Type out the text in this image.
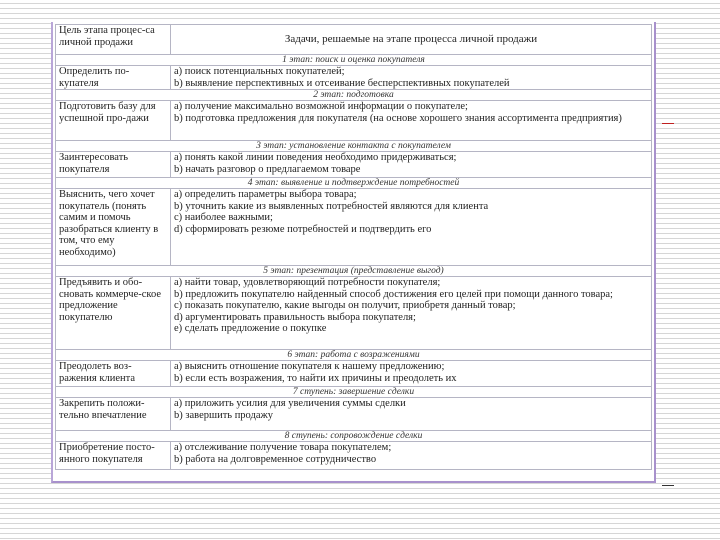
Цель этапа процес-са личной продажи	Задачи, решаемые на этапе процесса личной продажи
1 этап: поиск и оценка покупателя	
Определить по-купателя	a) поиск потенциальных покупателей;
b) выявление перспективных и отсеивание бесперспективных покупателей

2 этап: подготовка	
Подготовить базу для успешной про-дажи	a) получение максимально возможной информации о покупателе;
b) подготовка предложения для покупателя (на основе хорошего знания ассортимента предприятия)

3 этап: установление контакта с покупателем	
Заинтересовать покупателя	a) понять какой линии поведения необходимо придерживаться;
b) начать разговор о предлагаемом товаре

4 этап: выявление и подтверждение потребностей	
Выяснить, чего хочет покупатель (понять самим и помочь разобраться клиенту в том, что ему необходимо)	a) определить параметры выбора товара;
b) уточнить какие из выявленных потребностей являются для клиента
c) наиболее важными;
d) сформировать резюме потребностей и подтвердить его

5 этап: презентация (представление выгод)	
Предъявить и обо-сновать коммерче-ское предложение покупателю	a) найти товар, удовлетворяющий потребности покупателя;
b) предложить покупателю найденный способ достижения его целей при помощи данного товара;
c) показать покупателю, какие выгоды он получит, приобретя данный товар;
d) аргументировать правильность выбора покупателя;
e) сделать предложение о покупке

6 этап: работа с возражениями	
Преодолеть воз-ражения клиента	a) выяснить отношение покупателя к нашему предложению;
b) если есть возражения, то найти их причины и преодолеть их

7 ступень: завершение сделки	
Закрепить положи-тельно впечатление	a) приложить усилия для увеличения суммы сделки
b) завершить продажу

8 ступень: сопровождение сделки	
Приобретение посто-янного покупателя	a) отслеживание получение товара покупателем;
b) работа на долговременное сотрудничество
